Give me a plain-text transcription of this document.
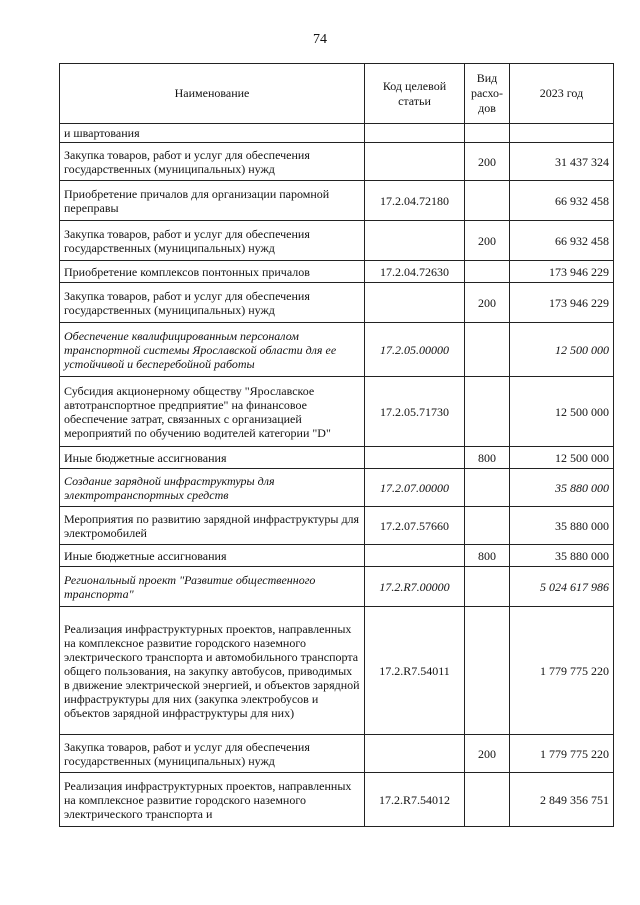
74
Наименование	Код целевой статьи	Вид расхо-дов	2023 год
и швартования			
Закупка товаров, работ и услуг для обеспечения государственных (муниципальных) нужд		200	31 437 324
Приобретение причалов для организации паромной переправы	17.2.04.72180		66 932 458
Закупка товаров, работ и услуг для обеспечения государственных (муниципальных) нужд		200	66 932 458
Приобретение комплексов понтонных причалов	17.2.04.72630		173 946 229
Закупка товаров, работ и услуг для обеспечения государственных (муниципальных) нужд		200	173 946 229
Обеспечение квалифицированным персоналом транспортной системы Ярославской области для ее устойчивой и бесперебойной работы	17.2.05.00000		12 500 000
Субсидия акционерному обществу "Ярославское автотранспортное предприятие" на финансовое обеспечение затрат, связанных с организацией мероприятий по обучению водителей категории "D"	17.2.05.71730		12 500 000
Иные бюджетные ассигнования		800	12 500 000
Создание зарядной инфраструктуры для электротранспортных средств	17.2.07.00000		35 880 000
Мероприятия по развитию зарядной инфраструктуры для электромобилей	17.2.07.57660		35 880 000
Иные бюджетные ассигнования		800	35 880 000
Региональный проект "Развитие общественного транспорта"	17.2.R7.00000		5 024 617 986
Реализация инфраструктурных проектов, направленных на комплексное развитие городского наземного электрического транспорта и автомобильного транспорта общего пользования, на закупку автобусов, приводимых в движение электрической энергией, и объектов зарядной инфраструктуры для них (закупка электробусов и объектов зарядной инфраструктуры для них)	17.2.R7.54011		1 779 775 220
Закупка товаров, работ и услуг для обеспечения государственных (муниципальных) нужд		200	1 779 775 220
Реализация инфраструктурных проектов, направленных на комплексное развитие городского наземного электрического транспорта и	17.2.R7.54012		2 849 356 751
